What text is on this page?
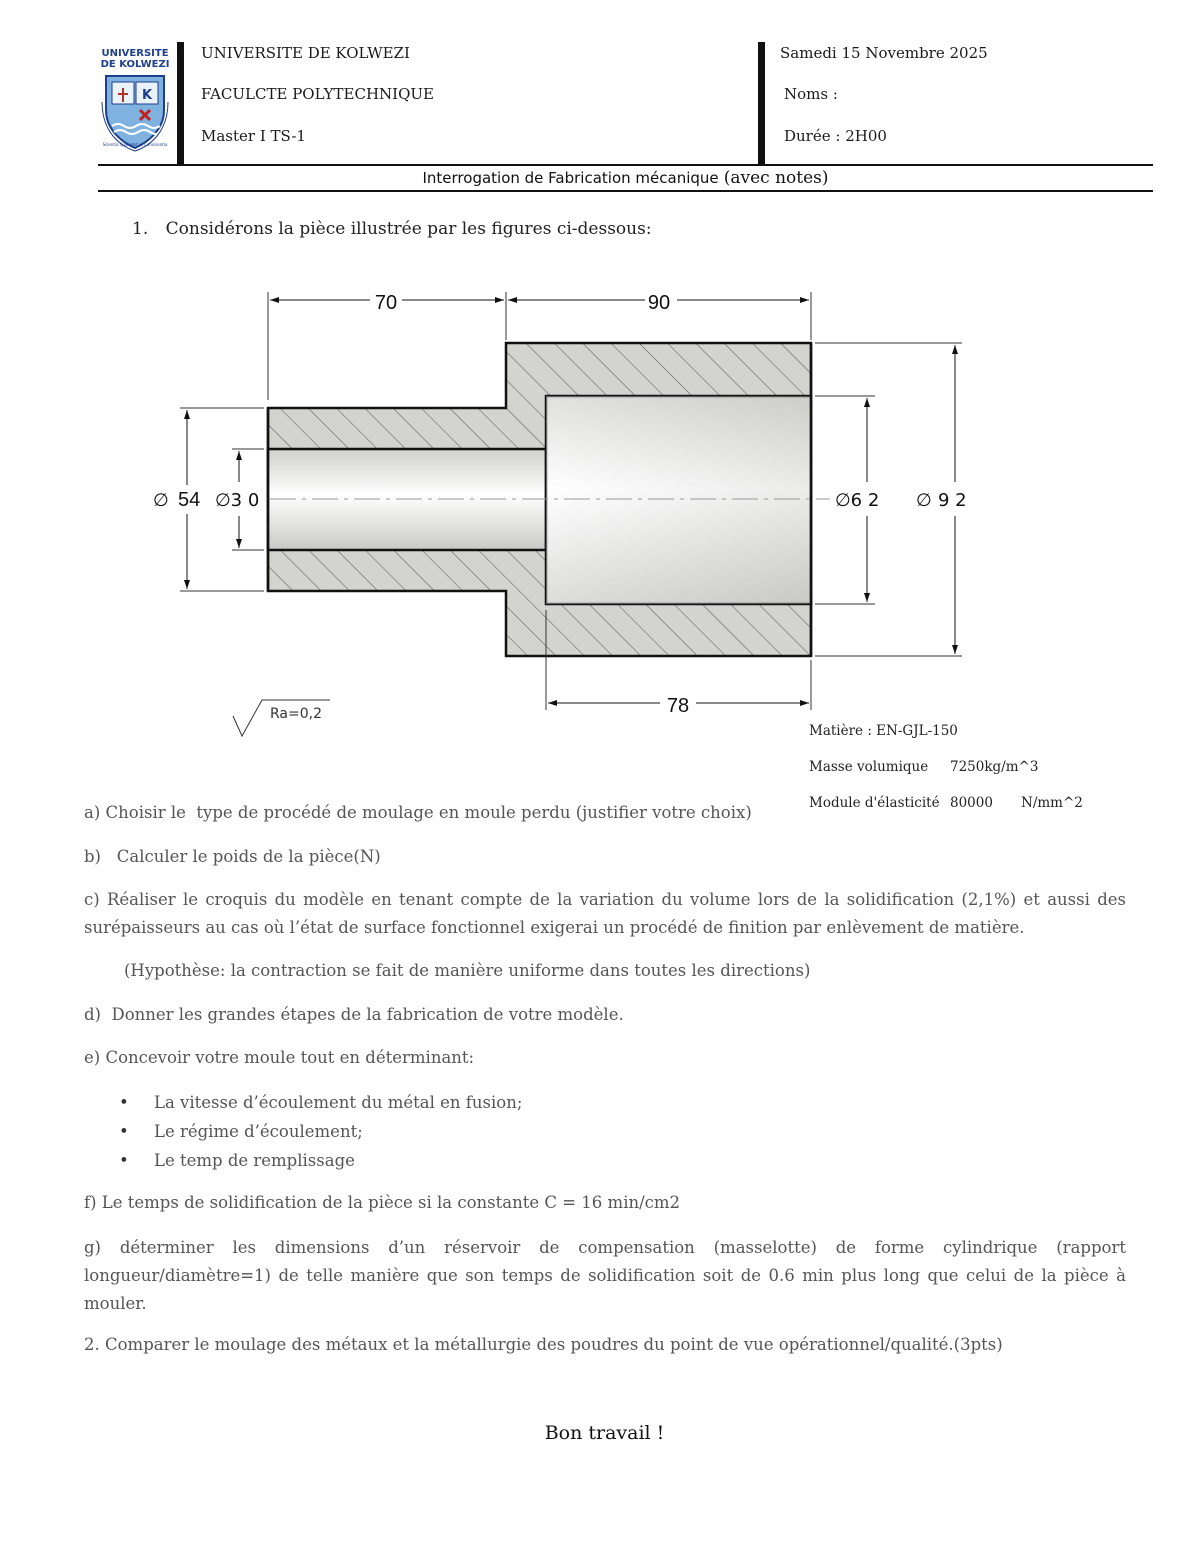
UNIVERSITE
DE KOLWEZI
K
Scientia Splendet et Conscientia
UNIVERSITE DE KOLWEZI
FACULCTE POLYTECHNIQUE
Master I TS-1
Samedi 15 Novembre 2025
Noms :
Durée : 2H00
Interrogation de Fabrication mécanique (avec notes)
1. Considérons la pièce illustrée par les figures ci-dessous:
70	90
78
∅ 54 ∅3 0	∅6 2 ∅ 9 2
Ra=0,2
Matière : EN-GJL-150
Masse volumique 7250kg/m^3
Module d'élasticité 80000 N/mm^2
a) Choisir le  type de procédé de moulage en moule perdu (justifier votre choix)
b)   Calculer le poids de la pièce(N)
c) Réaliser le croquis du modèle en tenant compte de la variation du volume lors de la solidification (2,1%) et aussi des surépaisseurs au cas où l’état de surface fonctionnel exigerai un procédé de finition par enlèvement de matière.
(Hypothèse: la contraction se fait de manière uniforme dans toutes les directions)
d)  Donner les grandes étapes de la fabrication de votre modèle.
e) Concevoir votre moule tout en déterminant:
• La vitesse d’écoulement du métal en fusion;
• Le régime d’écoulement;
• Le temp de remplissage
f) Le temps de solidification de la pièce si la constante C = 16 min/cm2
g) déterminer les dimensions d’un réservoir de compensation (masselotte) de forme cylindrique (rapport longueur/diamètre=1) de telle manière que son temps de solidification soit de 0.6 min plus long que celui de la pièce à mouler.
2. Comparer le moulage des métaux et la métallurgie des poudres du point de vue opérationnel/qualité.(3pts)
Bon travail !
